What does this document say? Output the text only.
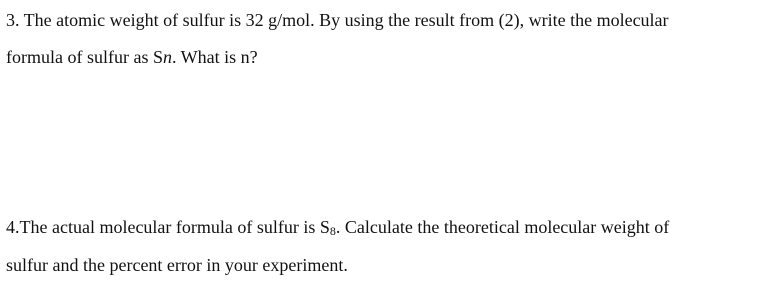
3. The atomic weight of sulfur is 32 g/mol. By using the result from (2), write the molecular
formula of sulfur as Sn. What is n?
4.The actual molecular formula of sulfur is S8. Calculate the theoretical molecular weight of
sulfur and the percent error in your experiment.
